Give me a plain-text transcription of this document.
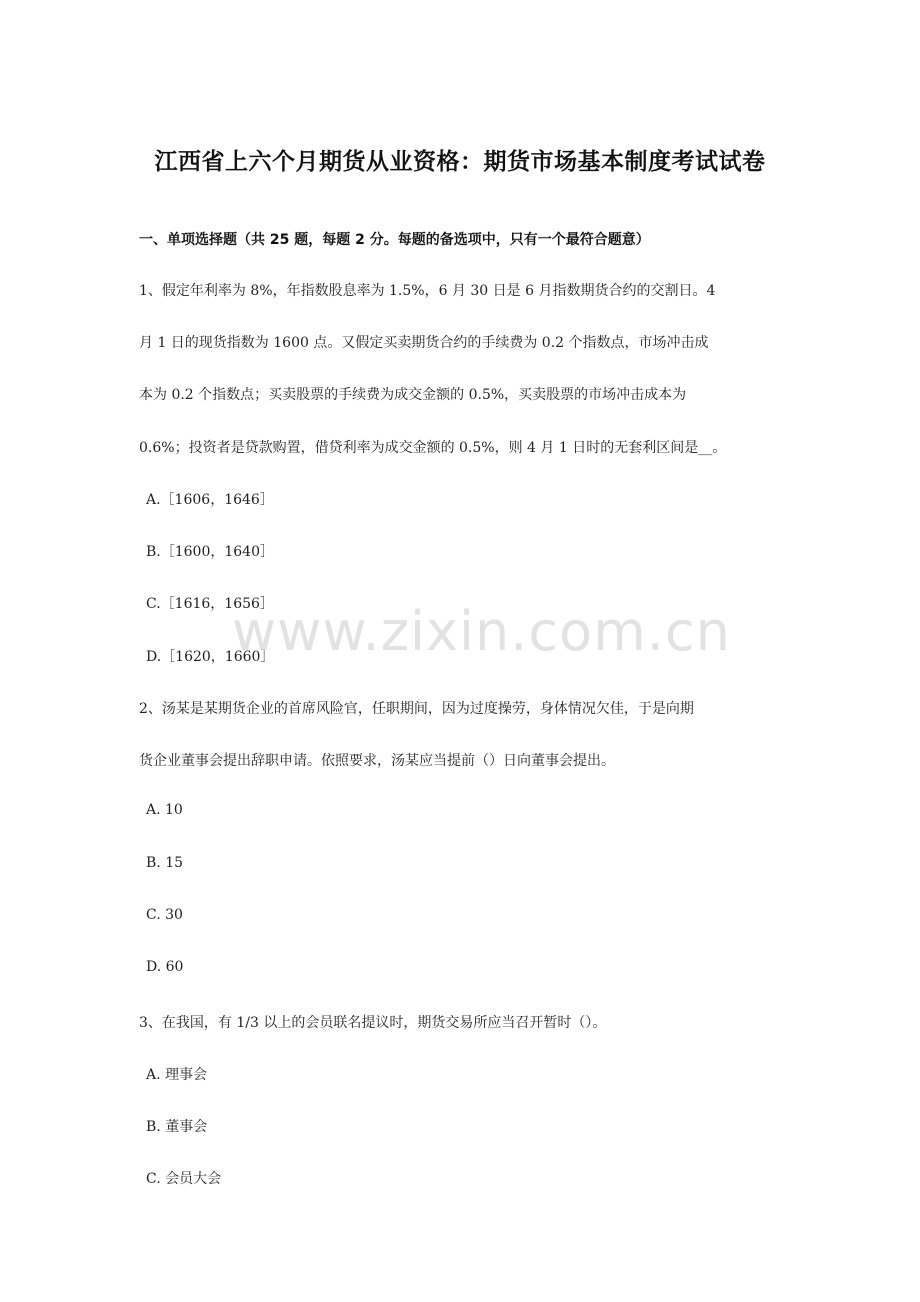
江西省上六个月期货从业资格：期货市场基本制度考试试卷
一、单项选择题（共 25 题，每题 2 分。每题的备选项中，只有一个最符合题意）
1、假定年利率为 8%，年指数股息率为 1.5%，6 月 30 日是 6 月指数期货合约的交割日。4
月 1 日的现货指数为 1600 点。又假定买卖期货合约的手续费为 0.2 个指数点，市场冲击成
本为 0.2 个指数点；买卖股票的手续费为成交金额的 0.5%，买卖股票的市场冲击成本为
0.6%；投资者是贷款购置，借贷利率为成交金额的 0.5%，则 4 月 1 日时的无套利区间是__。
A.［1606，1646］
B.［1600，1640］
C.［1616，1656］
D.［1620，1660］
2、汤某是某期货企业的首席风险官，任职期间，因为过度操劳，身体情况欠佳，于是向期
货企业董事会提出辞职申请。依照要求，汤某应当提前（）日向董事会提出。
A. 10
B. 15
C. 30
D. 60
3、在我国，有 1/3 以上的会员联名提议时，期货交易所应当召开暂时（）。
A. 理事会
B. 董事会
C. 会员大会
www.zixin.com.cn
